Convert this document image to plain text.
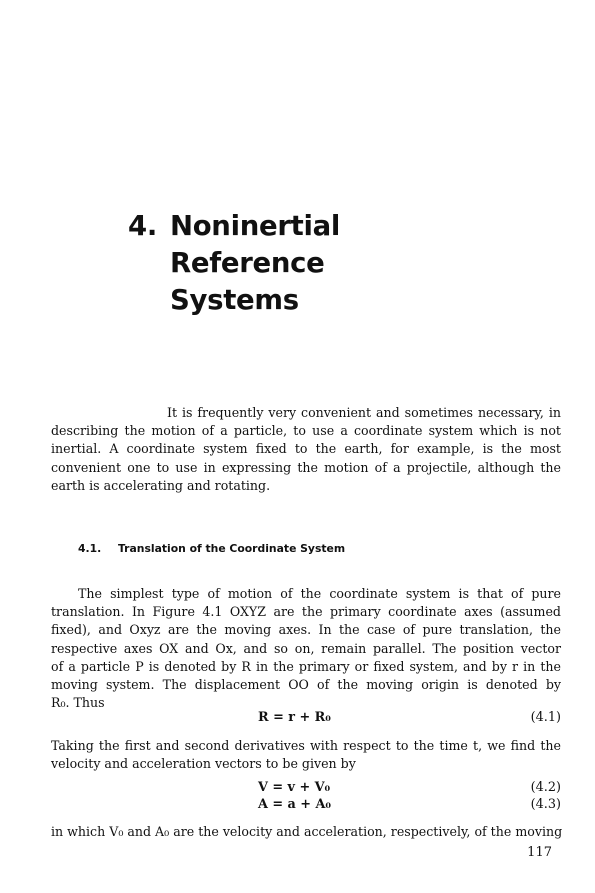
4. Noninertial
Reference
Systems
It is frequently very convenient and sometimes necessary, in
describing the motion of a particle, to use a coordinate system which is not
inertial. A coordinate system fixed to the earth, for example, is the most
convenient one to use in expressing the motion of a projectile, although the
earth is accelerating and rotating.
4.1. Translation of the Coordinate System
The simplest type of motion of the coordinate system is that of pure
translation. In Figure 4.1 OXYZ are the primary coordinate axes (assumed
fixed), and Oxyz are the moving axes. In the case of pure translation, the
respective axes OX and Ox, and so on, remain parallel. The position vector
of a particle P is denoted by R in the primary or fixed system, and by r in the
moving system. The displacement OO of the moving origin is denoted by
R₀. Thus
R = r + R₀	(4.1)
Taking the first and second derivatives with respect to the time t, we find the
velocity and acceleration vectors to be given by
V = v + V₀	(4.2)
A = a + A₀	(4.3)
in which V₀ and A₀ are the velocity and acceleration, respectively, of the moving
117
